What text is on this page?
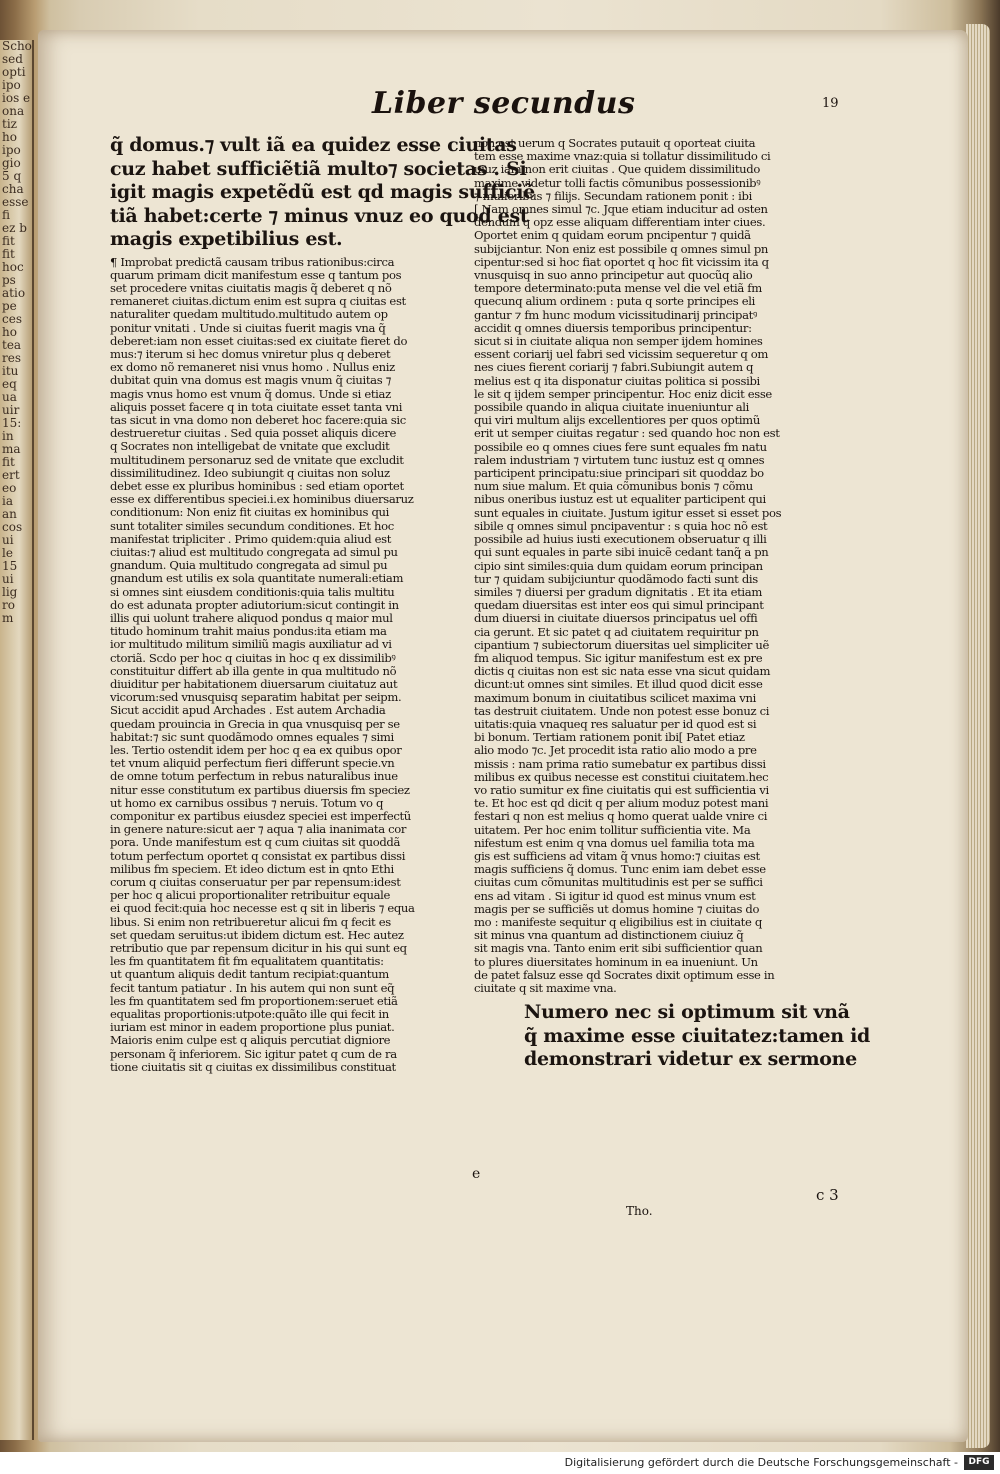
Scho
sed
opti
ipo
ios e
ona
tiz
ho
ipo
gio
5 q
cha
esse
fi
ez b
fit
fit
hoc
ps
atio
pe
ces
ho
tea
res
itu
eq
ua
uir
15:
in
ma
fit
ert
eo
ia
an
cos
ui
le
15
ui
lig
ro
m
Liber secundus	19

q̃ domus.⁊ vult iã ea quidez esse ciuitas

cuz habet sufficiẽtiã multo⁊ societas . Si

igit magis expetẽdũ est qd magis sufficiẽ

tiã habet:certe ⁊ minus vnuz eo quod est

magis expetibilius est.

¶ Improbat predictã causam tribus rationibus:circa

quarum primam dicit manifestum esse q tantum pos

set procedere vnitas ciuitatis magis q̃ deberet q nõ

remaneret ciuitas.dictum enim est supra q ciuitas est

naturaliter quedam multitudo.multitudo autem op

ponitur vnitati . Unde si ciuitas fuerit magis vna q̃

deberet:iam non esset ciuitas:sed ex ciuitate fieret do

mus:⁊ iterum si hec domus vniretur plus q deberet

ex domo nõ remaneret nisi vnus homo . Nullus eniz

dubitat quin vna domus est magis vnum q̃ ciuitas ⁊

magis vnus homo est vnum q̃ domus. Unde si etiaz

aliquis posset facere q in tota ciuitate esset tanta vni

tas sicut in vna domo non deberet hoc facere:quia sic

destrueretur ciuitas . Sed quia posset aliquis dicere

q Socrates non intelligebat de vnitate que excludit

multitudinem personaruz sed de vnitate que excludit

dissimilitudinez. Ideo subiungit q ciuitas non soluz

debet esse ex pluribus hominibus : sed etiam oportet

esse ex differentibus speciei.i.ex hominibus diuersaruz

conditionum: Non eniz fit ciuitas ex hominibus qui

sunt totaliter similes secundum conditiones. Et hoc

manifestat tripliciter . Primo quidem:quia aliud est

ciuitas:⁊ aliud est multitudo congregata ad simul pu

gnandum. Quia multitudo congregata ad simul pu

gnandum est utilis ex sola quantitate numerali:etiam

si omnes sint eiusdem conditionis:quia talis multitu

do est adunata propter adiutorium:sicut contingit in

illis qui uolunt trahere aliquod pondus q maior mul

titudo hominum trahit maius pondus:ita etiam ma

ior multitudo militum similiũ magis auxiliatur ad vi

ctoriã. Scdo per hoc q ciuitas in hoc q ex dissimilibꝰ

constituitur differt ab illa gente in qua multitudo nõ

diuiditur per habitationem diuersarum ciuitatuz aut

vicorum:sed vnusquisq separatim habitat per seipm.

Sicut accidit apud Archades . Est autem Archadia

quedam prouincia in Grecia in qua vnusquisq per se

habitat:⁊ sic sunt quodãmodo omnes equales ⁊ simi

les. Tertio ostendit idem per hoc q ea ex quibus opor

tet vnum aliquid perfectum fieri differunt specie.vn

de omne totum perfectum in rebus naturalibus inue

nitur esse constitutum ex partibus diuersis fm speciez

ut homo ex carnibus ossibus ⁊ neruis. Totum vo q

componitur ex partibus eiusdez speciei est imperfectũ

in genere nature:sicut aer ⁊ aqua ⁊ alia inanimata cor

pora. Unde manifestum est q cum ciuitas sit quoddã

totum perfectum oportet q consistat ex partibus dissi

milibus fm speciem. Et ideo dictum est in qnto Ethi

corum q ciuitas conseruatur per par repensum:idest

per hoc q alicui proportionaliter retribuitur equale

ei quod fecit:quia hoc necesse est q sit in liberis ⁊ equa

libus. Si enim non retribueretur alicui fm q fecit es

set quedam seruitus:ut ibidem dictum est. Hec autez

retributio que par repensum dicitur in his qui sunt eq

les fm quantitatem fit fm equalitatem quantitatis:

ut quantum aliquis dedit tantum recipiat:quantum

fecit tantum patiatur . In his autem qui non sunt eq̃

les fm quantitatem sed fm proportionem:seruet etiã

equalitas proportionis:utpote:quãto ille qui fecit in

iuriam est minor in eadem proportione plus puniat.

Maioris enim culpe est q aliquis percutiat digniore

personam q̃ inferiorem. Sic igitur patet q cum de ra

tione ciuitatis sit q ciuitas ex dissimilibus constituat

non est uerum q Socrates putauit q oporteat ciuita

tem esse maxime vnaz:quia si tollatur dissimilitudo ci

uiuz iam non erit ciuitas . Que quidem dissimilitudo

maxime videtur tolli factis cõmunibus possessionibꝰ

⁊ mulieribus ⁊ filijs. Secundam rationem ponit : ibi

[ Nam omnes simul ⁊c. Jque etiam inducitur ad osten

dendum q opz esse aliquam differentiam inter ciues.

Oportet enim q quidam eorum pncipentur ⁊ quidã

subijciantur. Non eniz est possibile q omnes simul pn

cipentur:sed si hoc fiat oportet q hoc fit vicissim ita q

vnusquisq in suo anno principetur aut quocũq alio

tempore determinato:puta mense vel die vel etiã fm

quecunq alium ordinem : puta q sorte principes eli

gantur ⁊ fm hunc modum vicissitudinarij principatꝰ

accidit q omnes diuersis temporibus principentur:

sicut si in ciuitate aliqua non semper ijdem homines

essent coriarij uel fabri sed vicissim sequeretur q om

nes ciues fierent coriarij ⁊ fabri.Subiungit autem q

melius est q ita disponatur ciuitas politica si possibi

le sit q ijdem semper principentur. Hoc eniz dicit esse

possibile quando in aliqua ciuitate inueniuntur ali

qui viri multum alijs excellentiores per quos optimũ

erit ut semper ciuitas regatur : sed quando hoc non est

possibile eo q omnes ciues fere sunt equales fm natu

ralem industriam ⁊ virtutem tunc iustuz est q omnes

participent principatu:siue principari sit quoddaz bo

num siue malum. Et quia cõmunibus bonis ⁊ cõmu

nibus oneribus iustuz est ut equaliter participent qui

sunt equales in ciuitate. Justum igitur esset si esset pos

sibile q omnes simul pncipaventur : s quia hoc nõ est

possibile ad huius iusti executionem obseruatur q illi

qui sunt equales in parte sibi inuicẽ cedant tanq̃ a pn

cipio sint similes:quia dum quidam eorum principan

tur ⁊ quidam subijciuntur quodãmodo facti sunt dis

similes ⁊ diuersi per gradum dignitatis . Et ita etiam

quedam diuersitas est inter eos qui simul principant

dum diuersi in ciuitate diuersos principatus uel offi

cia gerunt. Et sic patet q ad ciuitatem requiritur pn

cipantium ⁊ subiectorum diuersitas uel simpliciter uẽ

fm aliquod tempus. Sic igitur manifestum est ex pre

dictis q ciuitas non est sic nata esse vna sicut quidam

dicunt:ut omnes sint similes. Et illud quod dicit esse

maximum bonum in ciuitatibus scilicet maxima vni

tas destruit ciuitatem. Unde non potest esse bonuz ci

uitatis:quia vnaqueq res saluatur per id quod est si

bi bonum. Tertiam rationem ponit ibi[ Patet etiaz

alio modo ⁊c. Jet procedit ista ratio alio modo a pre

missis : nam prima ratio sumebatur ex partibus dissi

milibus ex quibus necesse est constitui ciuitatem.hec

vo ratio sumitur ex fine ciuitatis qui est sufficientia vi

te. Et hoc est qd dicit q per alium moduz potest mani

festari q non est melius q homo querat ualde vnire ci

uitatem. Per hoc enim tollitur sufficientia vite. Ma

nifestum est enim q vna domus uel familia tota ma

gis est sufficiens ad vitam q̃ vnus homo:⁊ ciuitas est

magis sufficiens q̃ domus. Tunc enim iam debet esse

ciuitas cum cõmunitas multitudinis est per se suffici

ens ad vitam . Si igitur id quod est minus vnum est

magis per se sufficiẽs ut domus homine ⁊ ciuitas do

mo : manifeste sequitur q eligibilius est in ciuitate q

sit minus vna quantum ad distinctionem ciuiuz q̃

sit magis vna. Tanto enim erit sibi sufficientior quan

to plures diuersitates hominum in ea inueniunt. Un

de patet falsuz esse qd Socrates dixit optimum esse in

ciuitate q sit maxime vna.

Numero nec si optimum sit vnã

q̃ maxime esse ciuitatez:tamen id

demonstrari videtur ex sermone

e
c 3
Tho.
Digitalisierung gefördert durch die Deutsche Forschungsgemeinschaft -	DFG
